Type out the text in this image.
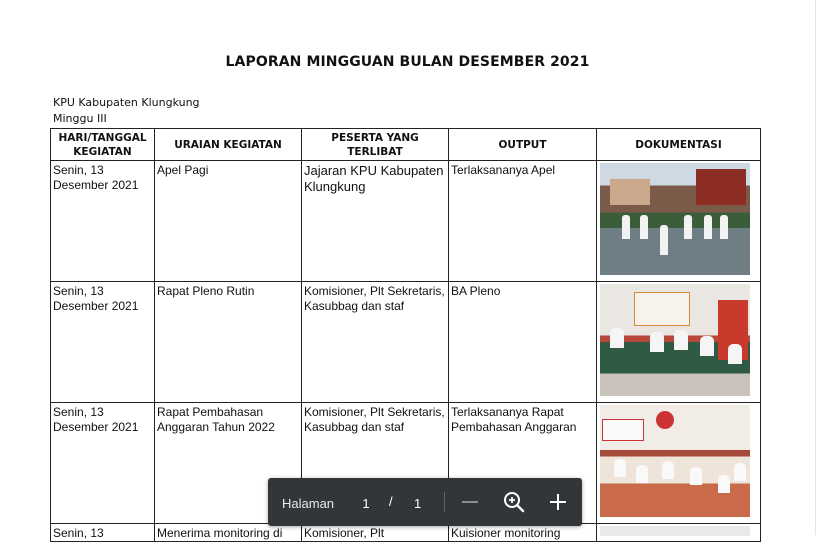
LAPORAN MINGGUAN BULAN DESEMBER 2021
KPU Kabupaten Klungkung
Minggu III
HARI/TANGGAL KEGIATAN	URAIAN KEGIATAN	PESERTA YANG TERLIBAT	OUTPUT	DOKUMENTASI
Senin, 13 Desember 2021	Apel Pagi	Jajaran KPU Kabupaten Klungkung	Terlaksananya Apel	

Senin, 13 Desember 2021	Rapat Pleno Rutin	Komisioner, Plt Sekretaris, Kasubbag dan staf	BA Pleno	

Senin, 13 Desember 2021	Rapat Pembahasan Anggaran Tahun 2022	Komisioner, Plt Sekretaris, Kasubbag dan staf	Terlaksananya Rapat Pembahasan Anggaran	

Senin, 13	Menerima monitoring di	Komisioner, Plt	Kuisioner monitoring	
Halaman 1 / 1
